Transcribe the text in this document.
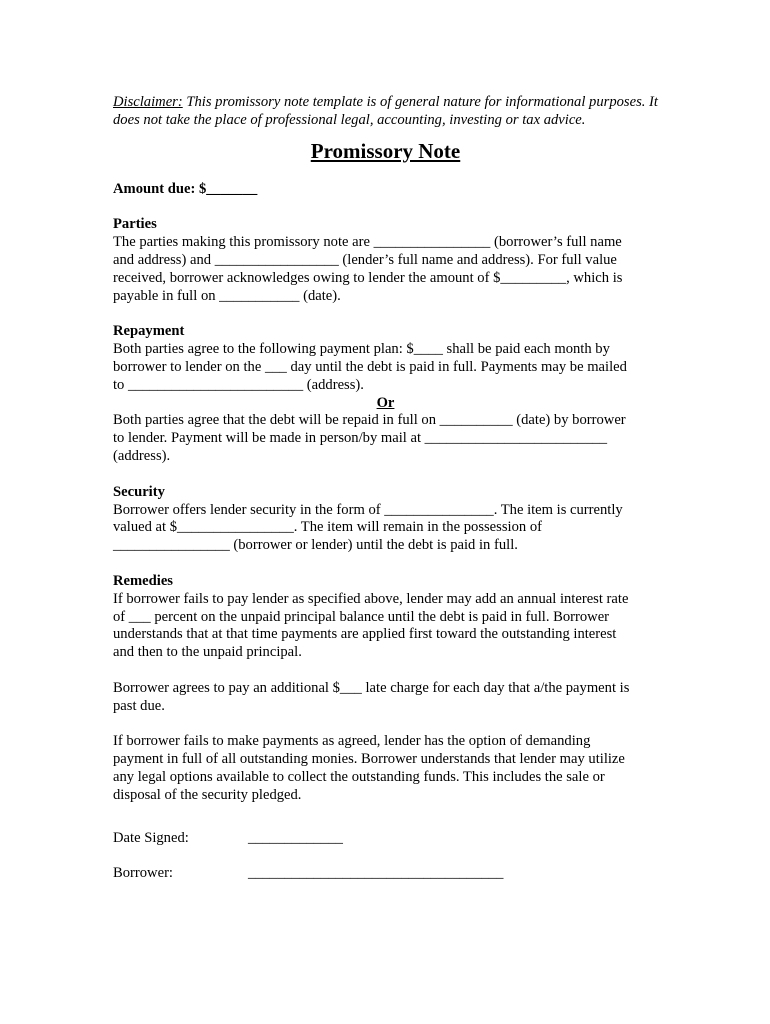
Disclaimer: This promissory note template is of general nature for informational purposes. It does not take the place of professional legal, accounting, investing or tax advice.

Promissory Note

Amount due: $_______

Parties

The parties making this promissory note are ________________ (borrower’s full name

and address) and _________________ (lender’s full name and address). For full value

received, borrower acknowledges owing to lender the amount of $_________, which is

payable in full on ___________ (date).

Repayment

Both parties agree to the following payment plan: $____ shall be paid each month by

borrower to lender on the ___ day until the debt is paid in full. Payments may be mailed

to ________________________ (address).

Or

Both parties agree that the debt will be repaid in full on __________ (date) by borrower

to lender. Payment will be made in person/by mail at _________________________

(address).

Security

Borrower offers lender security in the form of _______________. The item is currently

valued at $________________. The item will remain in the possession of

________________ (borrower or lender) until the debt is paid in full.

Remedies

If borrower fails to pay lender as specified above, lender may add an annual interest rate

of ___ percent on the unpaid principal balance until the debt is paid in full. Borrower

understands that at that time payments are applied first toward the outstanding interest

and then to the unpaid principal.

Borrower agrees to pay an additional $___ late charge for each day that a/the payment is

past due.

If borrower fails to make payments as agreed, lender has the option of demanding

payment in full of all outstanding monies. Borrower understands that lender may utilize

any legal options available to collect the outstanding funds. This includes the sale or

disposal of the security pledged.

Date Signed:	_____________
Borrower:	___________________________________
